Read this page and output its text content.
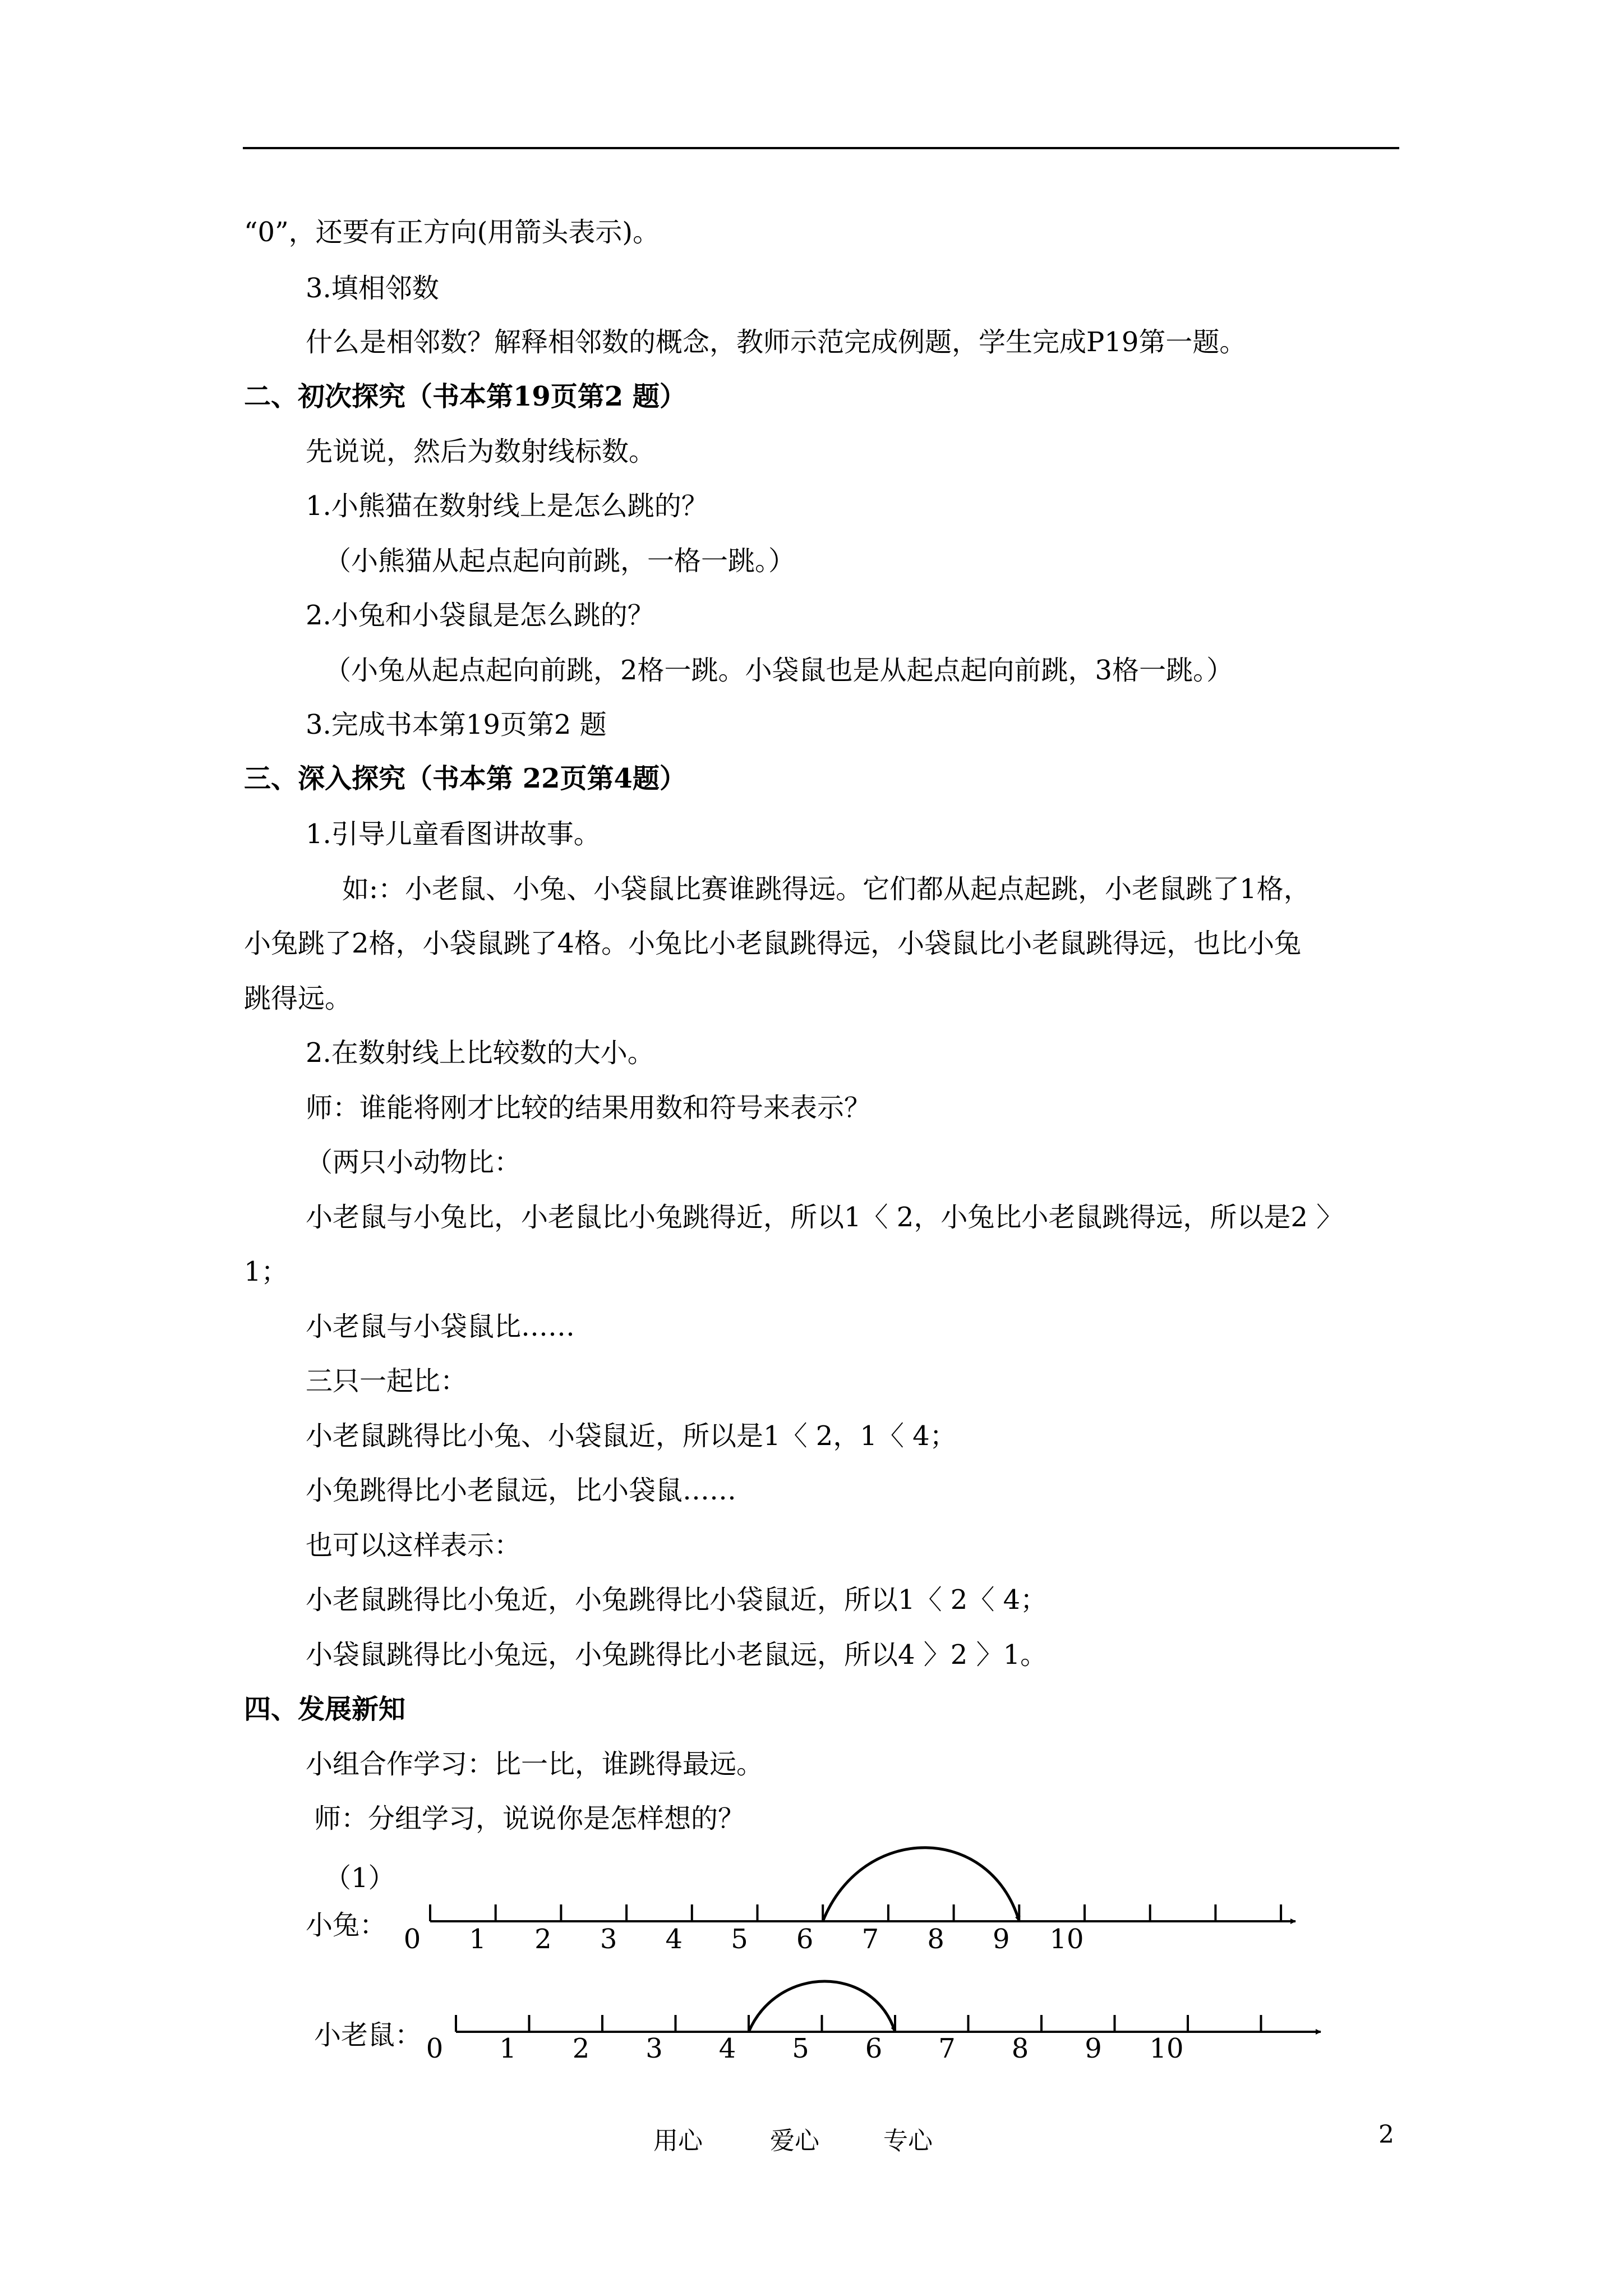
“0”，还要有正方向(用箭头表示)。
3.填相邻数
什么是相邻数？解释相邻数的概念，教师示范完成例题，学生完成P19第一题。
二、初次探究（书本第19页第2 题）
先说说，然后为数射线标数。
1.小熊猫在数射线上是怎么跳的？
（小熊猫从起点起向前跳，一格一跳。）
2.小兔和小袋鼠是怎么跳的？
（小兔从起点起向前跳，2格一跳。小袋鼠也是从起点起向前跳，3格一跳。）
3.完成书本第19页第2 题
三、深入探究（书本第 22页第4题）
1.引导儿童看图讲故事。
如:：小老鼠、小兔、小袋鼠比赛谁跳得远。它们都从起点起跳，小老鼠跳了1格，
小兔跳了2格，小袋鼠跳了4格。小兔比小老鼠跳得远，小袋鼠比小老鼠跳得远，也比小兔
跳得远。
2.在数射线上比较数的大小。
师：谁能将刚才比较的结果用数和符号来表示？
（两只小动物比：
小老鼠与小兔比，小老鼠比小兔跳得近，所以1〈 2，小兔比小老鼠跳得远，所以是2 〉
1；
小老鼠与小袋鼠比……
三只一起比：
小老鼠跳得比小兔、小袋鼠近，所以是1〈 2，1〈 4；
小兔跳得比小老鼠远，比小袋鼠……
也可以这样表示：
小老鼠跳得比小兔近，小兔跳得比小袋鼠近，所以1〈 2〈 4；
小袋鼠跳得比小兔远，小兔跳得比小老鼠远，所以4 〉2 〉1。
四、发展新知
小组合作学习：比一比，谁跳得最远。
师：分组学习，说说你是怎样想的？
（1）
小兔：
小老鼠：
0 1 2 3 4 5 6 7 8 9 10
0 1 2 3 4 5 6 7 8 9 10
用心	爱心	专心	2
